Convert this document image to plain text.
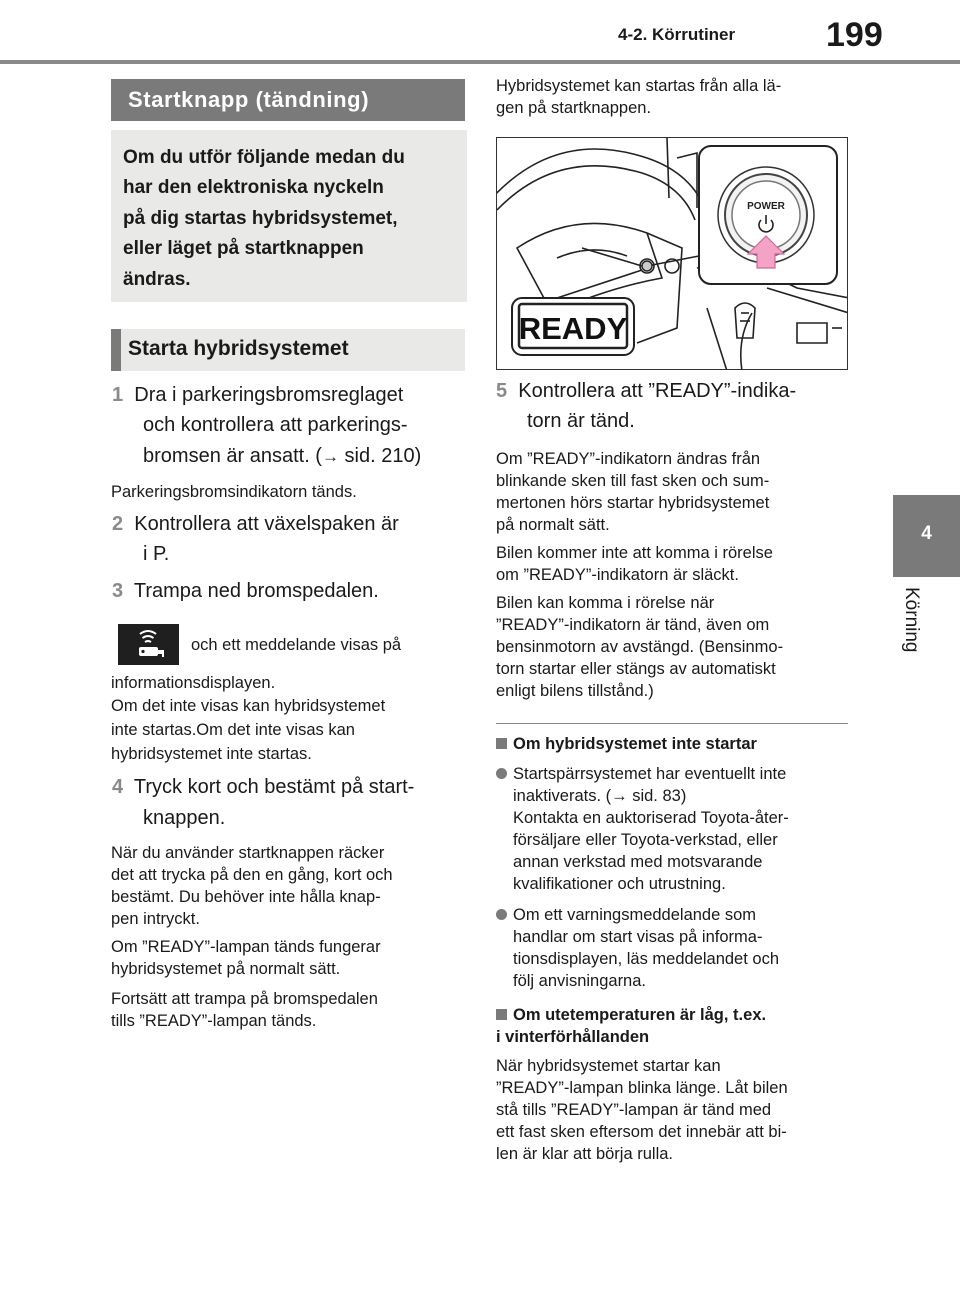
4-2. Körrutiner	199
4
Körning
Startknapp (tändning)
Om du utför följande medan du
har den elektroniska nyckeln
på dig startas hybridsystemet,
eller läget på startknappen
ändras.
Starta hybridsystemet
1 Dra i parkeringsbromsreglaget
och kontrollera att parkerings-
bromsen är ansatt. (→ sid. 210)
Parkeringsbromsindikatorn tänds.
2 Kontrollera att växelspaken är
i P.
3 Trampa ned bromspedalen.
och ett meddelande visas på
informationsdisplayen.
Om det inte visas kan hybridsystemet
inte startas.Om det inte visas kan
hybridsystemet inte startas.
4 Tryck kort och bestämt på start-
knappen.
När du använder startknappen räcker
det att trycka på den en gång, kort och
bestämt. Du behöver inte hålla knap-
pen intryckt.
Om ”READY”-lampan tänds fungerar
hybridsystemet på normalt sätt.
Fortsätt att trampa på bromspedalen
tills ”READY”-lampan tänds.
Hybridsystemet kan startas från alla lä-
gen på startknappen.
READY
POWER
5 Kontrollera att ”READY”-indika-
torn är tänd.
Om ”READY”-indikatorn ändras från
blinkande sken till fast sken och sum-
mertonen hörs startar hybridsystemet
på normalt sätt.
Bilen kommer inte att komma i rörelse
om ”READY”-indikatorn är släckt.
Bilen kan komma i rörelse när
”READY”-indikatorn är tänd, även om
bensinmotorn av avstängd. (Bensinmo-
torn startar eller stängs av automatiskt
enligt bilens tillstånd.)
Om hybridsystemet inte startar
Startspärrsystemet har eventuellt inte
inaktiverats. (→ sid. 83)
Kontakta en auktoriserad Toyota-åter-
försäljare eller Toyota-verkstad, eller
annan verkstad med motsvarande
kvalifikationer och utrustning.
Om ett varningsmeddelande som
handlar om start visas på informa-
tionsdisplayen, läs meddelandet och
följ anvisningarna.
Om utetemperaturen är låg, t.ex.
i vinterförhållanden
När hybridsystemet startar kan
”READY”-lampan blinka länge. Låt bilen
stå tills ”READY”-lampan är tänd med
ett fast sken eftersom det innebär att bi-
len är klar att börja rulla.
